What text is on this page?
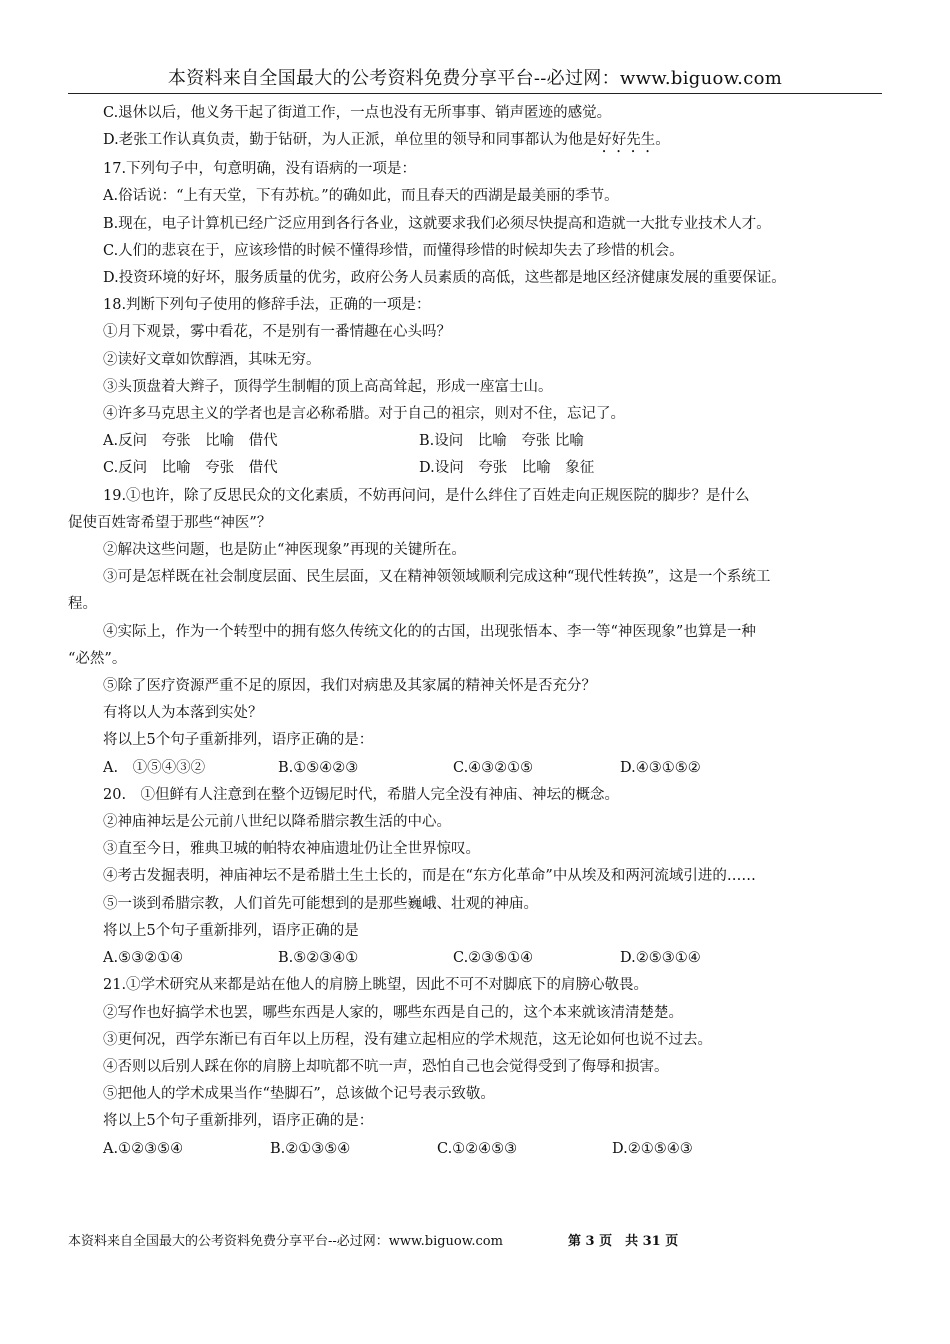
本资料来自全国最大的公考资料免费分享平台--必过网：www.biguow.com
C.退休以后，他义务干起了街道工作，一点也没有无所事事、销声匿迹的感觉。
D.老张工作认真负责，勤于钻研，为人正派，单位里的领导和同事都认为他是好好先生。
17.下列句子中，句意明确，没有语病的一项是：
A.俗话说：“上有天堂，下有苏杭。”的确如此，而且春天的西湖是最美丽的季节。
B.现在，电子计算机已经广泛应用到各行各业，这就要求我们必须尽快提高和造就一大批专业技术人才。
C.人们的悲哀在于，应该珍惜的时候不懂得珍惜，而懂得珍惜的时候却失去了珍惜的机会。
D.投资环境的好坏，服务质量的优劣，政府公务人员素质的高低，这些都是地区经济健康发展的重要保证。
18.判断下列句子使用的修辞手法，正确的一项是：
①月下观景，雾中看花，不是别有一番情趣在心头吗？
②读好文章如饮醇酒，其味无穷。
③头顶盘着大辫子，顶得学生制帽的顶上高高耸起，形成一座富士山。
④许多马克思主义的学者也是言必称希腊。对于自己的祖宗，则对不住，忘记了。
A.反问　夸张　比喻　借代	B.设问　比喻　夸张 比喻
C.反问　比喻　夸张　借代	D.设问　夸张　比喻　象征
19.①也许，除了反思民众的文化素质，不妨再问问，是什么绊住了百姓走向正规医院的脚步？是什么
促使百姓寄希望于那些“神医”？
②解决这些问题，也是防止“神医现象”再现的关键所在。
③可是怎样既在社会制度层面、民生层面，又在精神领领域顺利完成这种“现代性转换”，这是一个系统工
程。
④实际上，作为一个转型中的拥有悠久传统文化的的古国，出现张悟本、李一等“神医现象”也算是一种
“必然”。
⑤除了医疗资源严重不足的原因，我们对病患及其家属的精神关怀是否充分？
有将以人为本落到实处？
将以上5个句子重新排列，语序正确的是：
A.　①⑤④③②	B.①⑤④②③	C.④③②①⑤	D.④③①⑤②
20.　①但鲜有人注意到在整个迈锡尼时代，希腊人完全没有神庙、神坛的概念。
②神庙神坛是公元前八世纪以降希腊宗教生活的中心。
③直至今日，雅典卫城的帕特农神庙遗址仍让全世界惊叹。
④考古发掘表明，神庙神坛不是希腊土生土长的，而是在“东方化革命”中从埃及和两河流域引进的……
⑤一谈到希腊宗教，人们首先可能想到的是那些巍峨、壮观的神庙。
将以上5个句子重新排列，语序正确的是
A.⑤③②①④	B.⑤②③④①	C.②③⑤①④	D.②⑤③①④
21.①学术研究从来都是站在他人的肩膀上眺望，因此不可不对脚底下的肩膀心敬畏。
②写作也好搞学术也罢，哪些东西是人家的，哪些东西是自己的，这个本来就该清清楚楚。
③更何况，西学东渐已有百年以上历程，没有建立起相应的学术规范，这无论如何也说不过去。
④否则以后别人踩在你的肩膀上却吭都不吭一声，恐怕自己也会觉得受到了侮辱和损害。
⑤把他人的学术成果当作“垫脚石”，总该做个记号表示致敬。
将以上5个句子重新排列，语序正确的是：
A.①②③⑤④	B.②①③⑤④	C.①②④⑤③	D.②①⑤④③
本资料来自全国最大的公考资料免费分享平台--必过网：www.biguow.com	第 3 页　共 31 页
